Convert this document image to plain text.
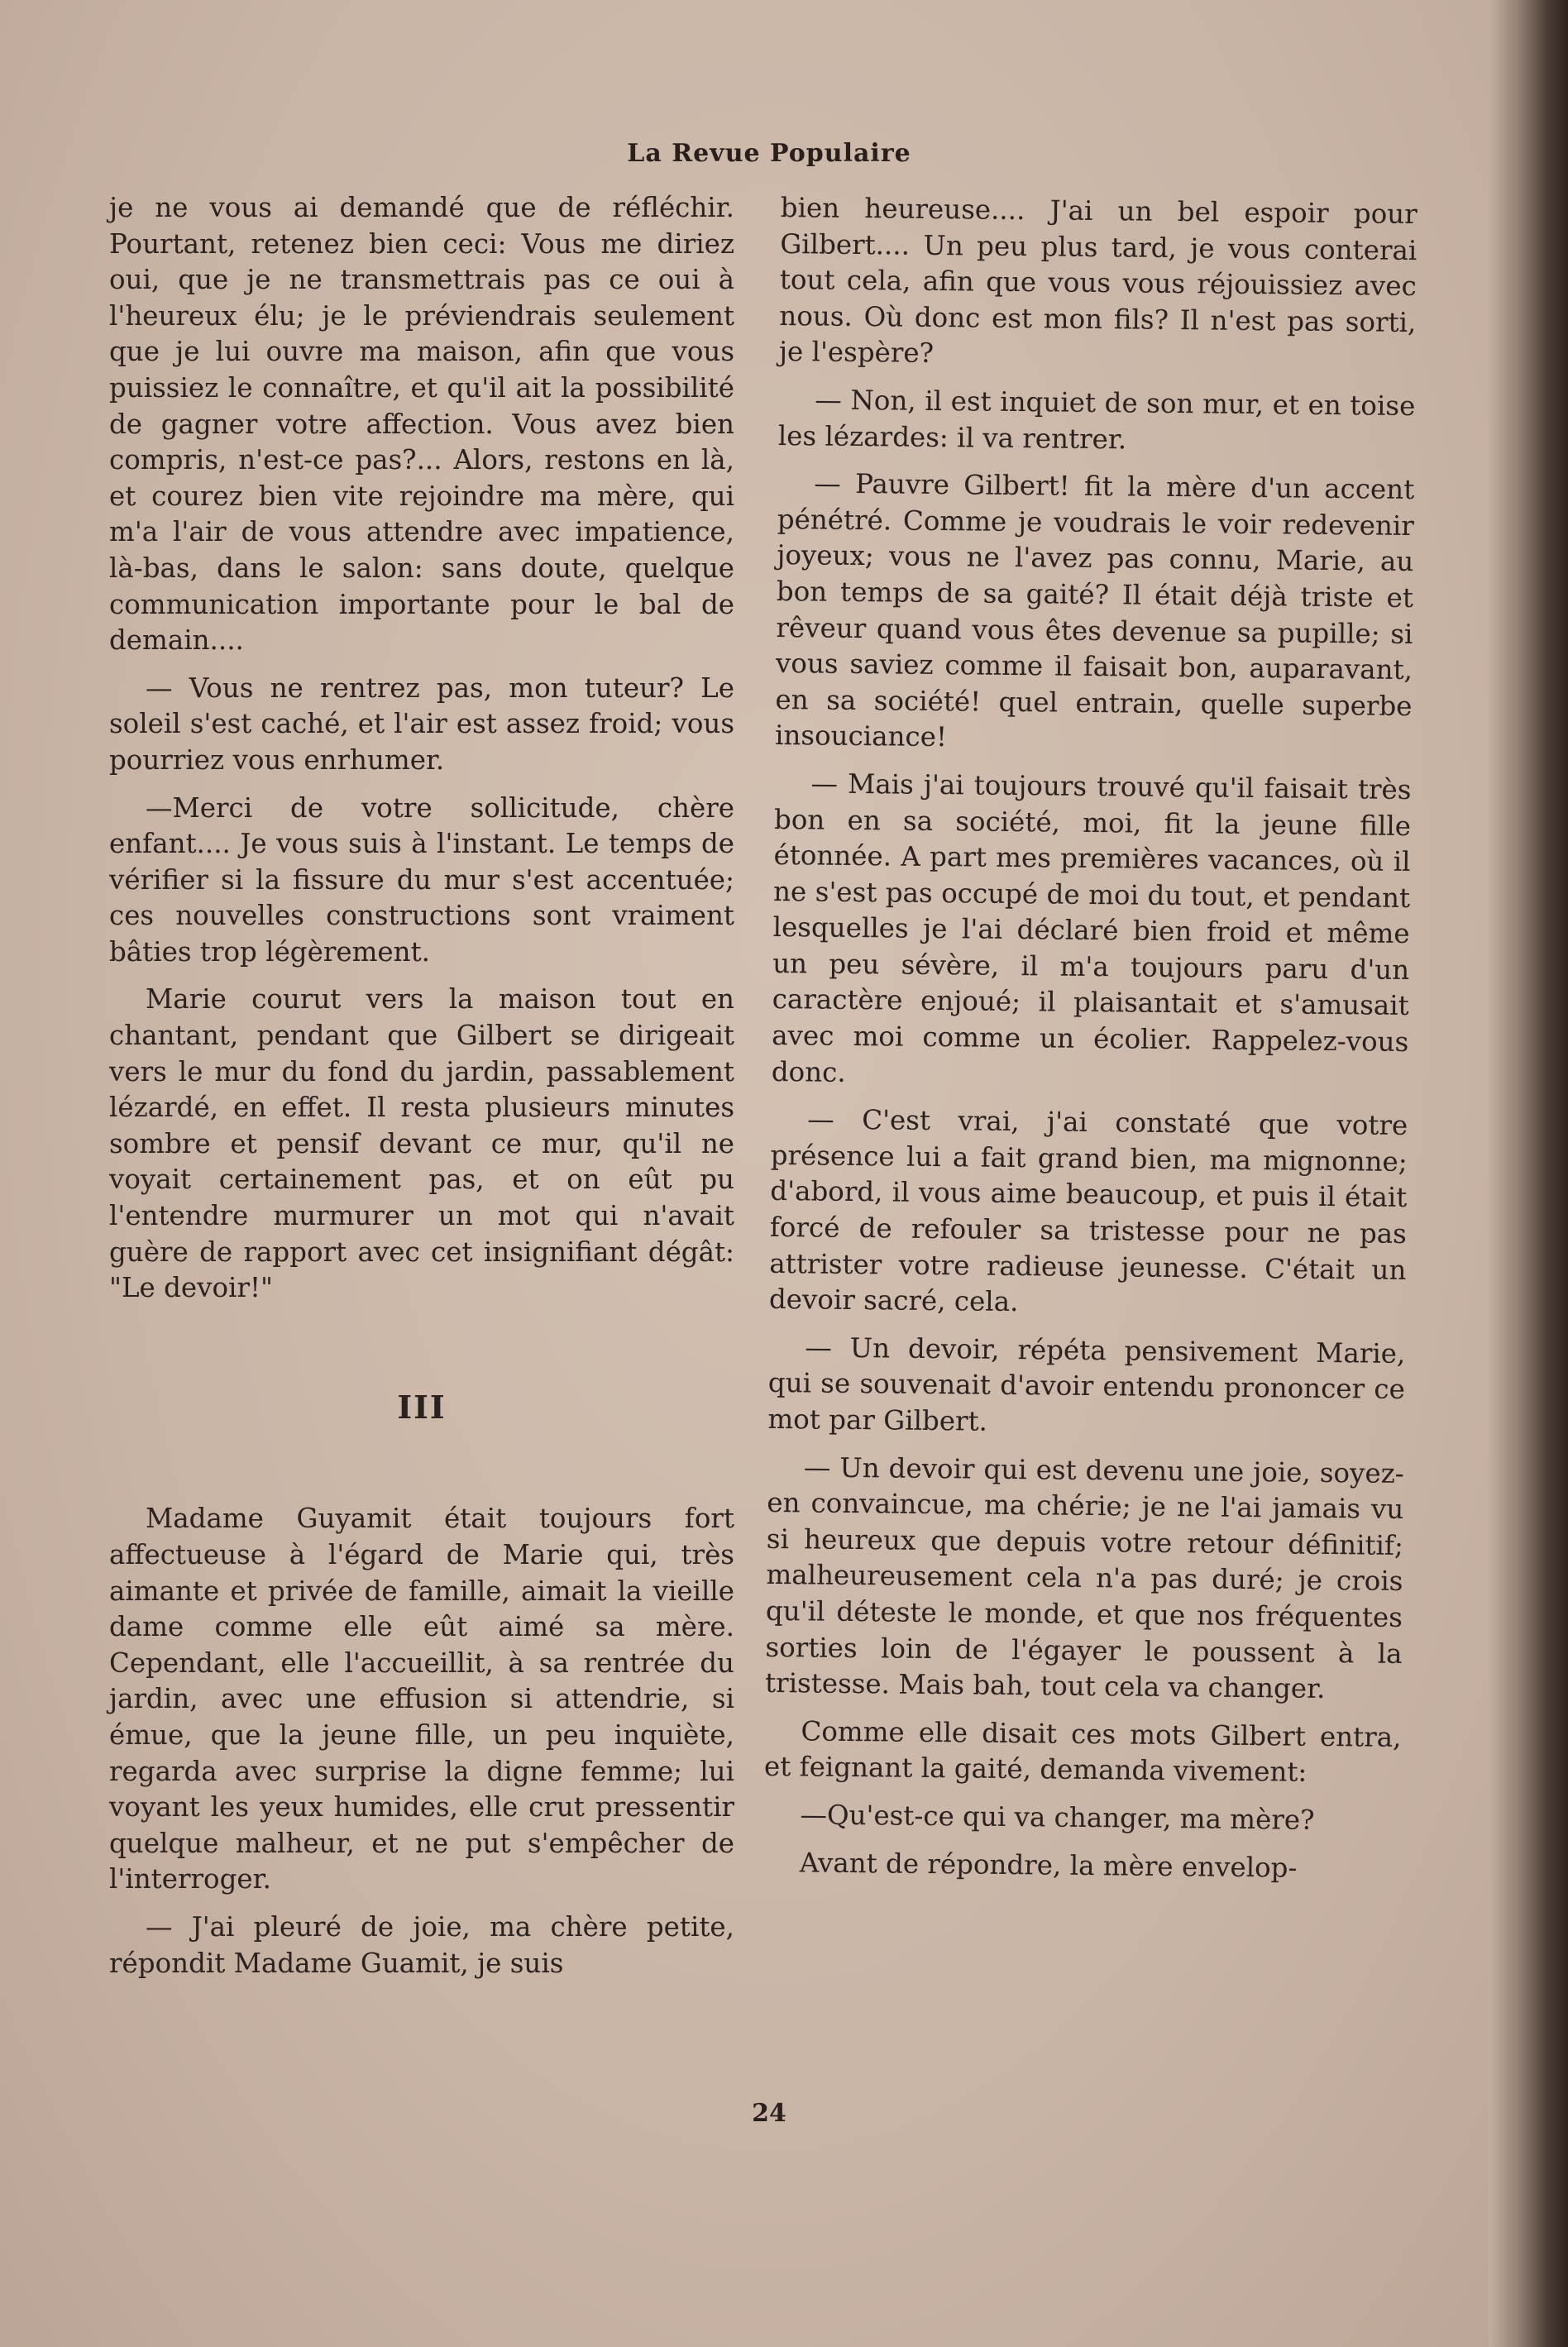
La Revue Populaire

je ne vous ai demandé que de réfléchir. Pourtant, retenez bien ceci: Vous me diriez oui, que je ne transmettrais pas ce oui à l'heureux élu; je le préviendrais seulement que je lui ouvre ma maison, afin que vous puissiez le connaître, et qu'il ait la possibilité de gagner votre affection. Vous avez bien compris, n'est-ce pas?... Alors, restons en là, et courez bien vite rejoindre ma mère, qui m'a l'air de vous attendre avec impatience, là-bas, dans le salon: sans doute, quelque communication importante pour le bal de demain....

— Vous ne rentrez pas, mon tuteur? Le soleil s'est caché, et l'air est assez froid; vous pourriez vous enrhumer.

—Merci de votre sollicitude, chère enfant.... Je vous suis à l'instant. Le temps de vérifier si la fissure du mur s'est accentuée; ces nouvelles constructions sont vraiment bâties trop légèrement.

Marie courut vers la maison tout en chantant, pendant que Gilbert se dirigeait vers le mur du fond du jardin, passablement lézardé, en effet. Il resta plusieurs minutes sombre et pensif devant ce mur, qu'il ne voyait certainement pas, et on eût pu l'entendre murmurer un mot qui n'avait guère de rapport avec cet insignifiant dégât: "Le devoir!"

III

Madame Guyamit était toujours fort affectueuse à l'égard de Marie qui, très aimante et privée de famille, aimait la vieille dame comme elle eût aimé sa mère. Cependant, elle l'accueillit, à sa rentrée du jardin, avec une effusion si attendrie, si émue, que la jeune fille, un peu inquiète, regarda avec surprise la digne femme; lui voyant les yeux humides, elle crut pressentir quelque malheur, et ne put s'empêcher de l'interroger.

— J'ai pleuré de joie, ma chère petite, répondit Madame Guamit, je suis

bien heureuse.... J'ai un bel espoir pour Gilbert.... Un peu plus tard, je vous conterai tout cela, afin que vous vous réjouissiez avec nous. Où donc est mon fils? Il n'est pas sorti, je l'espère?

— Non, il est inquiet de son mur, et en toise les lézardes: il va rentrer.

— Pauvre Gilbert! fit la mère d'un accent pénétré. Comme je voudrais le voir redevenir joyeux; vous ne l'avez pas connu, Marie, au bon temps de sa gaité? Il était déjà triste et rêveur quand vous êtes devenue sa pupille; si vous saviez comme il faisait bon, auparavant, en sa société! quel entrain, quelle superbe insouciance!

— Mais j'ai toujours trouvé qu'il faisait très bon en sa société, moi, fit la jeune fille étonnée. A part mes premières vacances, où il ne s'est pas occupé de moi du tout, et pendant lesquelles je l'ai déclaré bien froid et même un peu sévère, il m'a toujours paru d'un caractère enjoué; il plaisantait et s'amusait avec moi comme un écolier. Rappelez-vous donc.

— C'est vrai, j'ai constaté que votre présence lui a fait grand bien, ma mignonne; d'abord, il vous aime beaucoup, et puis il était forcé de refouler sa tristesse pour ne pas attrister votre radieuse jeunesse. C'était un devoir sacré, cela.

— Un devoir, répéta pensivement Marie, qui se souvenait d'avoir entendu prononcer ce mot par Gilbert.

— Un devoir qui est devenu une joie, soyez-en convaincue, ma chérie; je ne l'ai jamais vu si heureux que depuis votre retour définitif; malheureusement cela n'a pas duré; je crois qu'il déteste le monde, et que nos fréquentes sorties loin de l'égayer le poussent à la tristesse. Mais bah, tout cela va changer.

Comme elle disait ces mots Gilbert entra, et feignant la gaité, demanda vivement:

—Qu'est-ce qui va changer, ma mère?

Avant de répondre, la mère envelop-

24
